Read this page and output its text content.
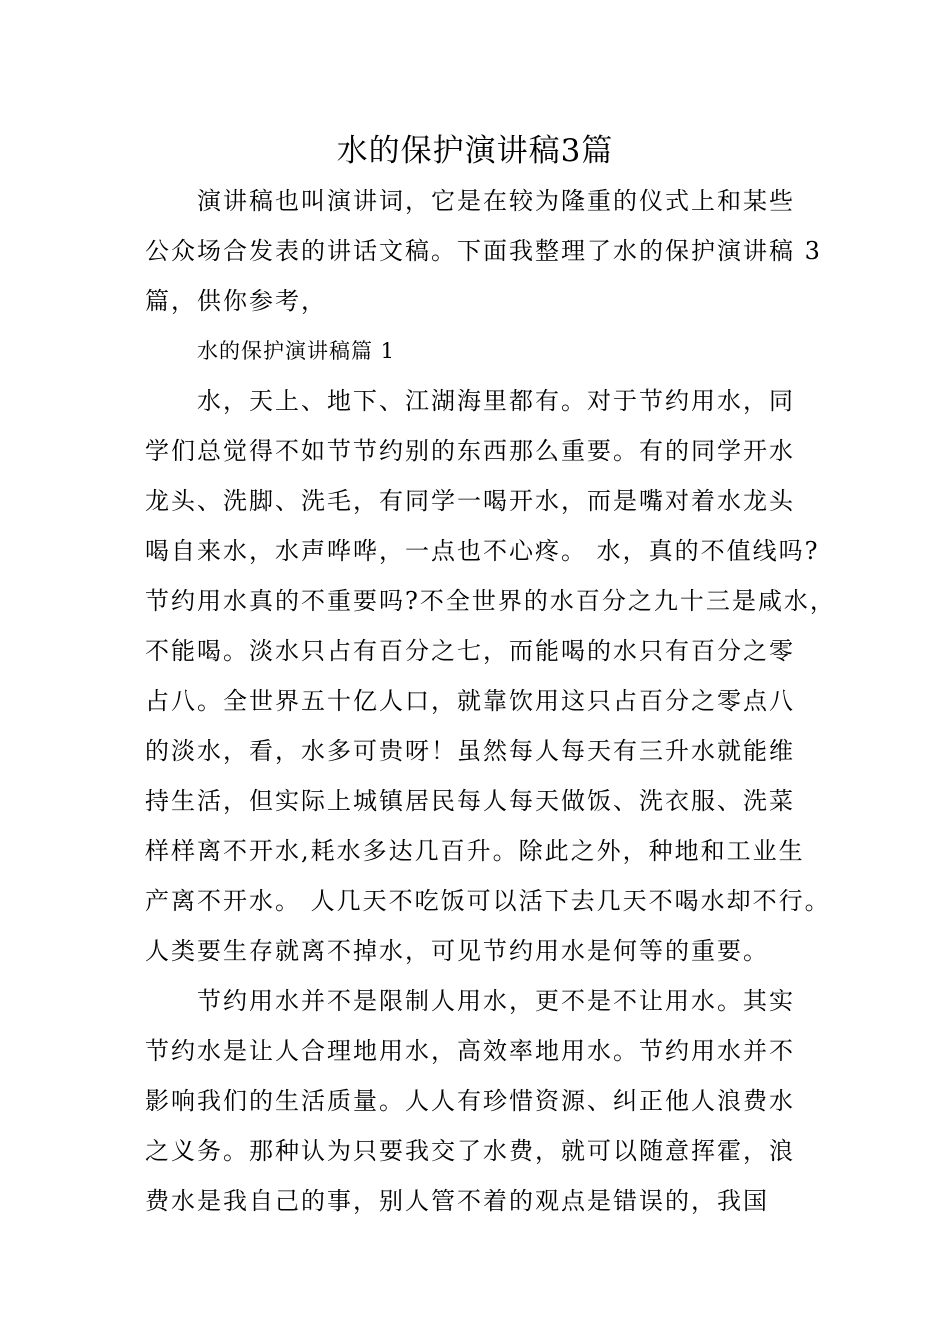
水的保护演讲稿3篇

演讲稿也叫演讲词，它是在较为隆重的仪式上和某些
公众场合发表的讲话文稿。下面我整理了水的保护演讲稿 3
篇，供你参考，

水的保护演讲稿篇 1

水，天上、地下、江湖海里都有。对于节约用水，同
学们总觉得不如节节约别的东西那么重要。有的同学开水
龙头、洗脚、洗毛，有同学一喝开水，而是嘴对着水龙头
喝自来水，水声哗哗，一点也不心疼。 水，真的不值线吗?
节约用水真的不重要吗?不全世界的水百分之九十三是咸水，
不能喝。淡水只占有百分之七，而能喝的水只有百分之零
占八。全世界五十亿人口，就靠饮用这只占百分之零点八
的淡水，看，水多可贵呀！虽然每人每天有三升水就能维
持生活，但实际上城镇居民每人每天做饭、洗衣服、洗菜
样样离不开水,耗水多达几百升。除此之外，种地和工业生
产离不开水。 人几天不吃饭可以活下去几天不喝水却不行。
人类要生存就离不掉水，可见节约用水是何等的重要。

节约用水并不是限制人用水，更不是不让用水。其实
节约水是让人合理地用水，高效率地用水。节约用水并不
影响我们的生活质量。人人有珍惜资源、纠正他人浪费水
之义务。那种认为只要我交了水费，就可以随意挥霍，浪
费水是我自己的事，别人管不着的观点是错误的，我国
